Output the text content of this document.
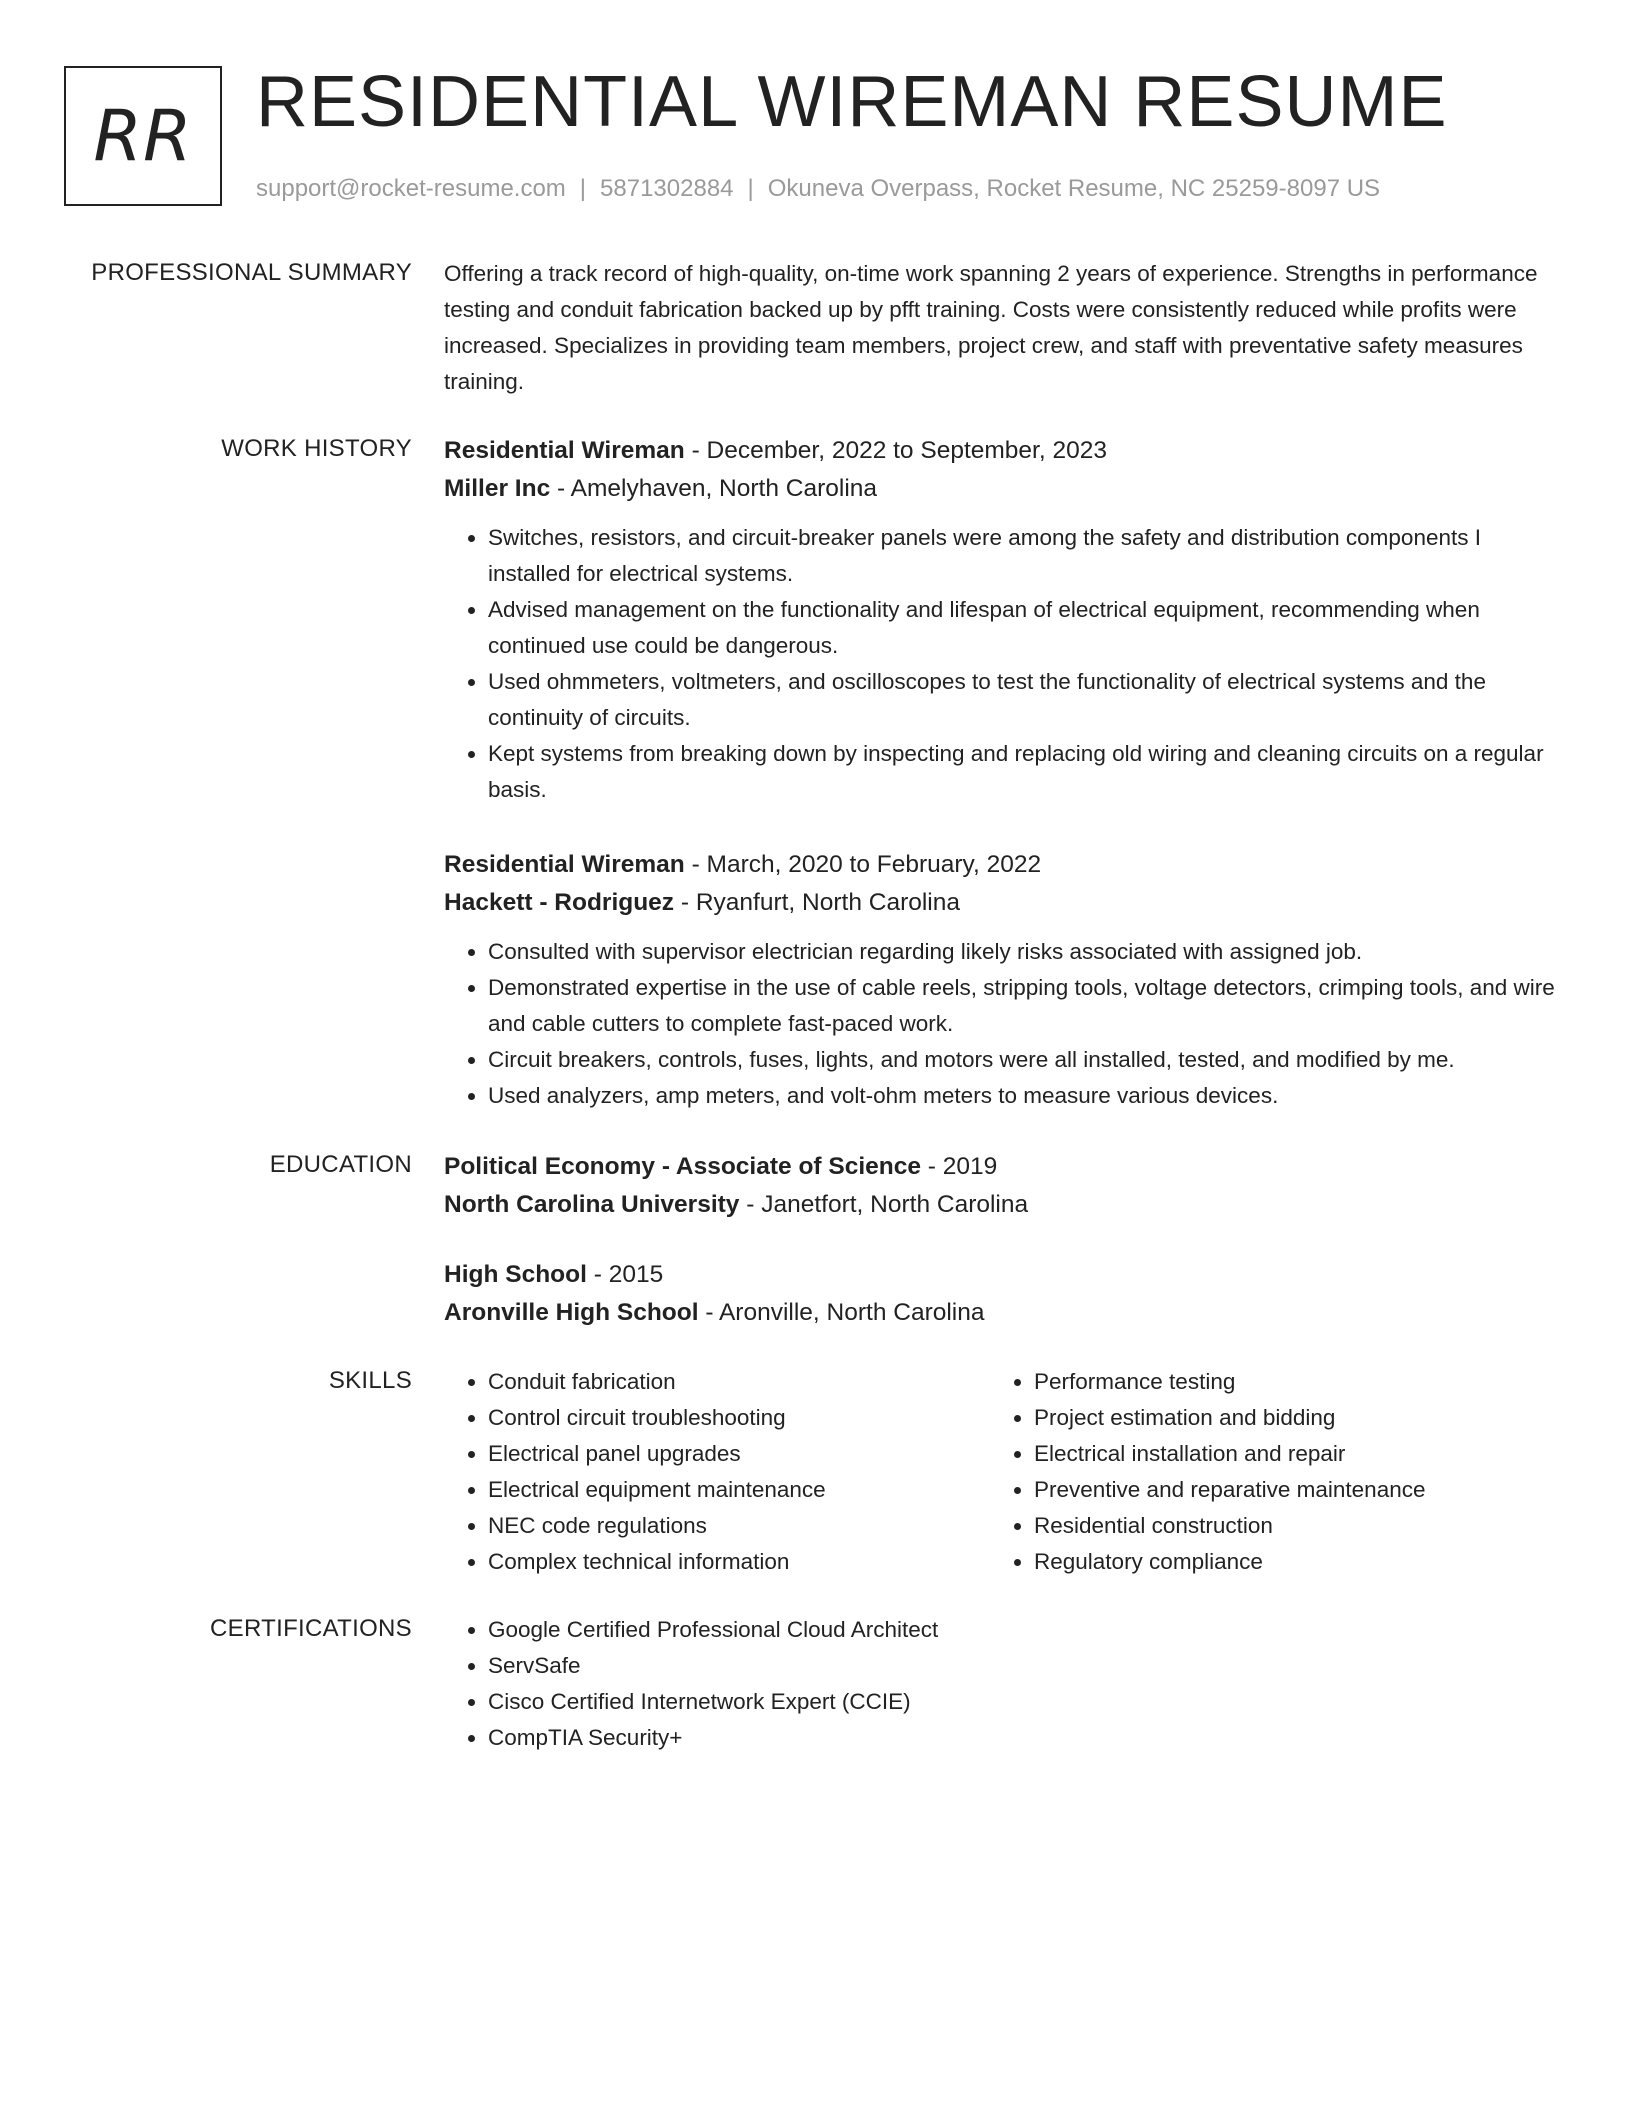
RR RESIDENTIAL WIREMAN RESUME
support@rocket-resume.com | 5871302884 | Okuneva Overpass, Rocket Resume, NC 25259-8097 US
PROFESSIONAL SUMMARY Offering a track record of high-quality, on-time work spanning 2 years of experience. Strengths in performance testing and conduit fabrication backed up by pfft training. Costs were consistently reduced while profits were increased. Specializes in providing team members, project crew, and staff with preventative safety measures training.

WORK HISTORY Residential Wireman - December, 2022 to September, 2023
Miller Inc - Amelyhaven, North Carolina
• Switches, resistors, and circuit-breaker panels were among the safety and distribution components I installed for electrical systems.
• Advised management on the functionality and lifespan of electrical equipment, recommending when continued use could be dangerous.
• Used ohmmeters, voltmeters, and oscilloscopes to test the functionality of electrical systems and the continuity of circuits.
• Kept systems from breaking down by inspecting and replacing old wiring and cleaning circuits on a regular basis.
Residential Wireman - March, 2020 to February, 2022
Hackett - Rodriguez - Ryanfurt, North Carolina
• Consulted with supervisor electrician regarding likely risks associated with assigned job.
• Demonstrated expertise in the use of cable reels, stripping tools, voltage detectors, crimping tools, and wire and cable cutters to complete fast-paced work.
• Circuit breakers, controls, fuses, lights, and motors were all installed, tested, and modified by me.
• Used analyzers, amp meters, and volt-ohm meters to measure various devices.
EDUCATION Political Economy - Associate of Science - 2019
North Carolina University - Janetfort, North Carolina
High School - 2015
Aronville High School - Aronville, North Carolina
SKILLS	• Conduit fabrication
• Control circuit troubleshooting
• Electrical panel upgrades
• Electrical equipment maintenance
• NEC code regulations
• Complex technical information
• Performance testing
• Project estimation and bidding
• Electrical installation and repair
• Preventive and reparative maintenance
• Residential construction
• Regulatory compliance
CERTIFICATIONS	• Google Certified Professional Cloud Architect
• ServSafe
• Cisco Certified Internetwork Expert (CCIE)
• CompTIA Security+
